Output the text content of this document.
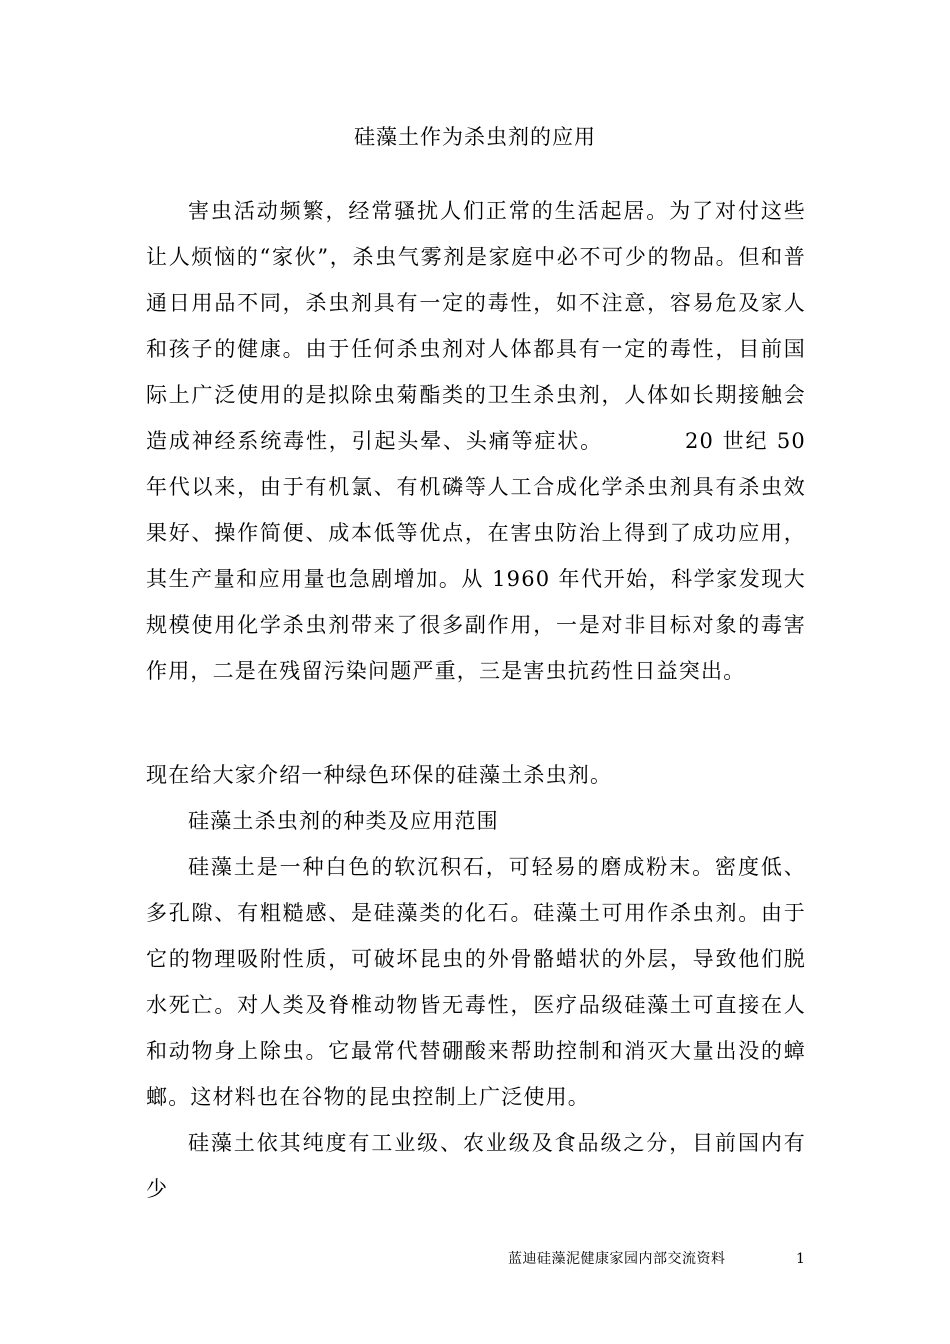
硅藻土作为杀虫剂的应用

害虫活动频繁，经常骚扰人们正常的生活起居。为了对付这些让人烦恼的“家伙”，杀虫气雾剂是家庭中必不可少的物品。但和普通日用品不同，杀虫剂具有一定的毒性，如不注意，容易危及家人和孩子的健康。由于任何杀虫剂对人体都具有一定的毒性，目前国际上广泛使用的是拟除虫菊酯类的卫生杀虫剂，人体如长期接触会造成神经系统毒性，引起头晕、头痛等症状。	20 世纪 50 年代以来，由于有机氯、有机磷等人工合成化学杀虫剂具有杀虫效果好、操作简便、成本低等优点，在害虫防治上得到了成功应用，其生产量和应用量也急剧增加。从 1960 年代开始，科学家发现大规模使用化学杀虫剂带来了很多副作用，一是对非目标对象的毒害作用，二是在残留污染问题严重，三是害虫抗药性日益突出。

现在给大家介绍一种绿色环保的硅藻土杀虫剂。

硅藻土杀虫剂的种类及应用范围

硅藻土是一种白色的软沉积石，可轻易的磨成粉末。密度低、多孔隙、有粗糙感、是硅藻类的化石。硅藻土可用作杀虫剂。由于它的物理吸附性质，可破坏昆虫的外骨骼蜡状的外层，导致他们脱水死亡。对人类及脊椎动物皆无毒性，医疗品级硅藻土可直接在人和动物身上除虫。它最常代替硼酸来帮助控制和消灭大量出没的蟑螂。这材料也在谷物的昆虫控制上广泛使用。

硅藻土依其纯度有工业级、农业级及食品级之分，目前国内有少

蓝迪硅藻泥健康家园内部交流资料	1
